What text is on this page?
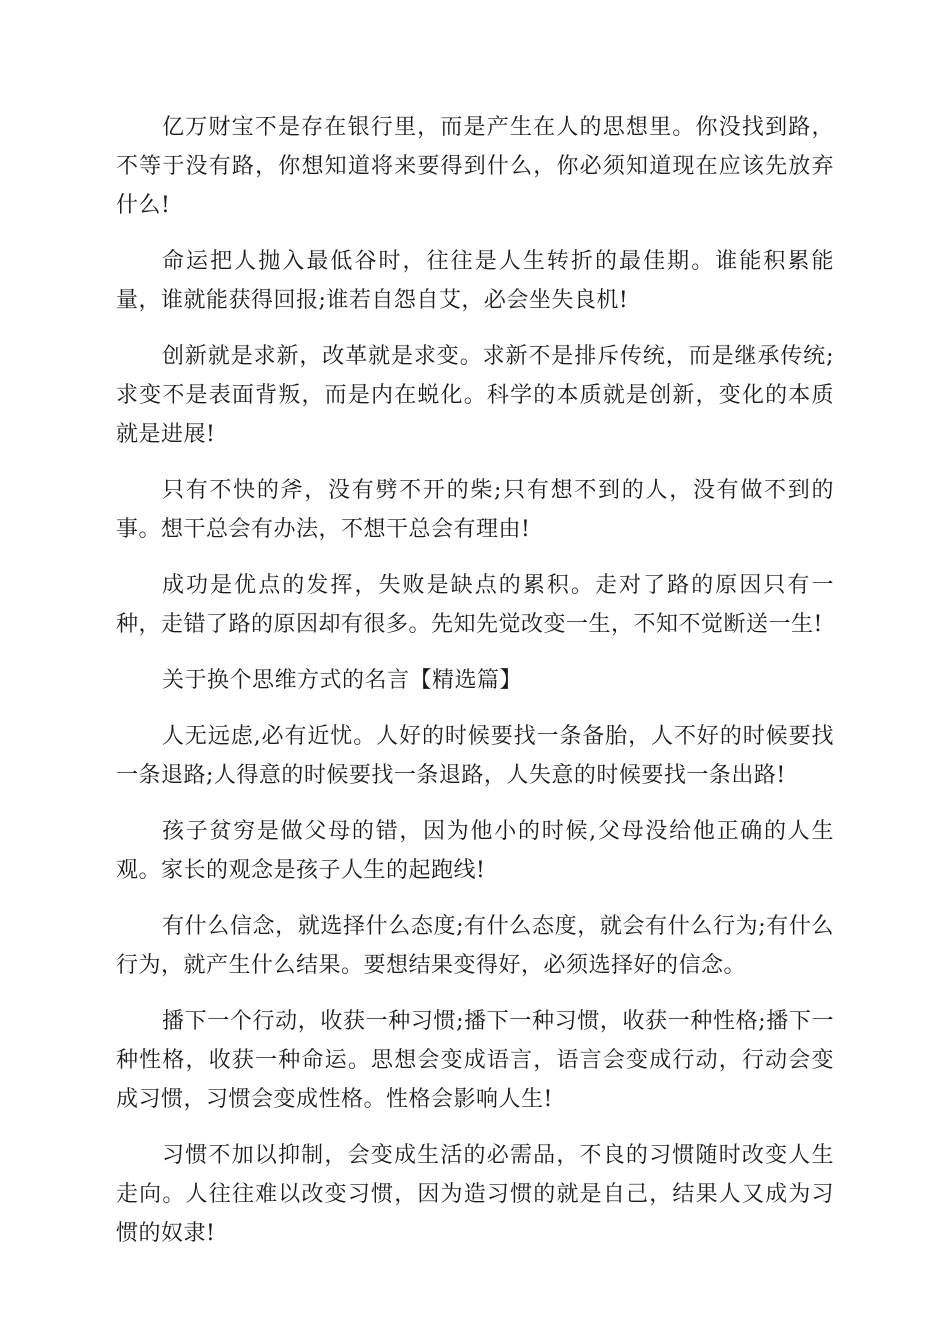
亿万财宝不是存在银行里，而是产生在人的思想里。你没找到路，不等于没有路，你想知道将来要得到什么，你必须知道现在应该先放弃什么!

命运把人抛入最低谷时，往往是人生转折的最佳期。谁能积累能量，谁就能获得回报;谁若自怨自艾，必会坐失良机!

创新就是求新，改革就是求变。求新不是排斥传统，而是继承传统;求变不是表面背叛，而是内在蜕化。科学的本质就是创新，变化的本质就是进展!

只有不快的斧，没有劈不开的柴;只有想不到的人，没有做不到的事。想干总会有办法，不想干总会有理由!

成功是优点的发挥，失败是缺点的累积。走对了路的原因只有一种，走错了路的原因却有很多。先知先觉改变一生，不知不觉断送一生!

关于换个思维方式的名言【精选篇】

人无远虑,必有近忧。人好的时候要找一条备胎，人不好的时候要找一条退路;人得意的时候要找一条退路，人失意的时候要找一条出路!

孩子贫穷是做父母的错，因为他小的时候,父母没给他正确的人生观。家长的观念是孩子人生的起跑线!

有什么信念，就选择什么态度;有什么态度，就会有什么行为;有什么行为，就产生什么结果。要想结果变得好，必须选择好的信念。

播下一个行动，收获一种习惯;播下一种习惯，收获一种性格;播下一种性格，收获一种命运。思想会变成语言，语言会变成行动，行动会变成习惯，习惯会变成性格。性格会影响人生!

习惯不加以抑制，会变成生活的必需品，不良的习惯随时改变人生走向。人往往难以改变习惯，因为造习惯的就是自己，结果人又成为习惯的奴隶!
